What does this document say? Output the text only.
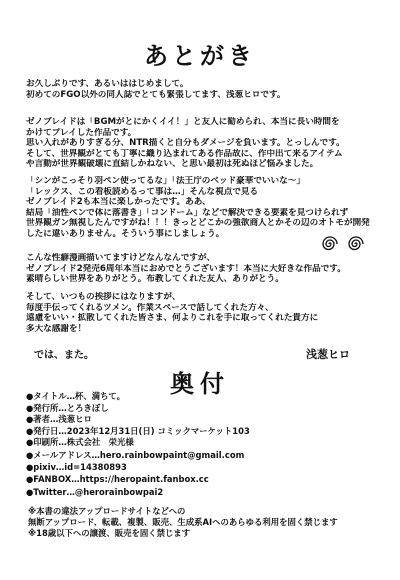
あとがき
お久しぶりです、あるいははじめまして。
初めてのFGO以外の同人誌でとても緊張してます、浅葱ヒロです。
ゼノブレイドは「BGMがとにかくイイ！」と友人に勧められ、本当に長い時間を
かけてプレイした作品です。
思い入れがありすぎる分、NTR描くと自分もダメージを負います。とっしんです。
そして、世界観がとても丁寧に織り込まれてある作品故に、作中出て来るアイテム
や言動が世界観破壊に直結しかねない、と思い最初は死ぬほど悩みました。
「シンがこっそり羽ペン使ってるな」「法王庁のベッド豪華でいいな〜」
「レックス、この看板読めるって事は…」そんな視点で見る
ゼノブレイド2も本当に楽しかったです。ああ、
結局「油性ペンで体に落書き」「コンドーム」などで解決できる要素を見つけられず
世界観ガン無視したんですがね！！！きっとどこかの強欲商人とかその辺のオトモが開発
したに違いありません。そういう事にしましょう。
こんな性癖漫画描いてますけどなんなんですが、
ゼノブレイド2発売6周年本当におめでとうございます！本当に大好きな作品です。
素晴らしい世界をありがとう。布教してくれた友人、ありがとう。
そして、いつもの挨拶にはなりますが、
毎度手伝ってくれるツメン。作業スペースで話してくれた方々、
遠慮をいい・拡散してくれた皆さま、何よりこれを手に取ってくれた貴方に
多大な感謝を！
では、また。	浅葱ヒロ
奥付
●タイトル…杯、満ちて。
●発行所…とろきぼし
●著者…浅葱ヒロ
●発行日…2023年12月31日(日) コミックマーケット103
●印刷所…株式会社　栄光様
●メールアドレス…hero.rainbowpaint@gmail.com
●pixiv…id=14380893
●FANBOX…https://heropaint.fanbox.cc
●Twitter…@herorainbowpai2
※本書の違法アップロードサイトなどへの
無断アップロード、転載、複製、販売、生成系AIへのあらゆる利用を固く禁じます
※18歳以下への譲渡、販売を固く禁じます
